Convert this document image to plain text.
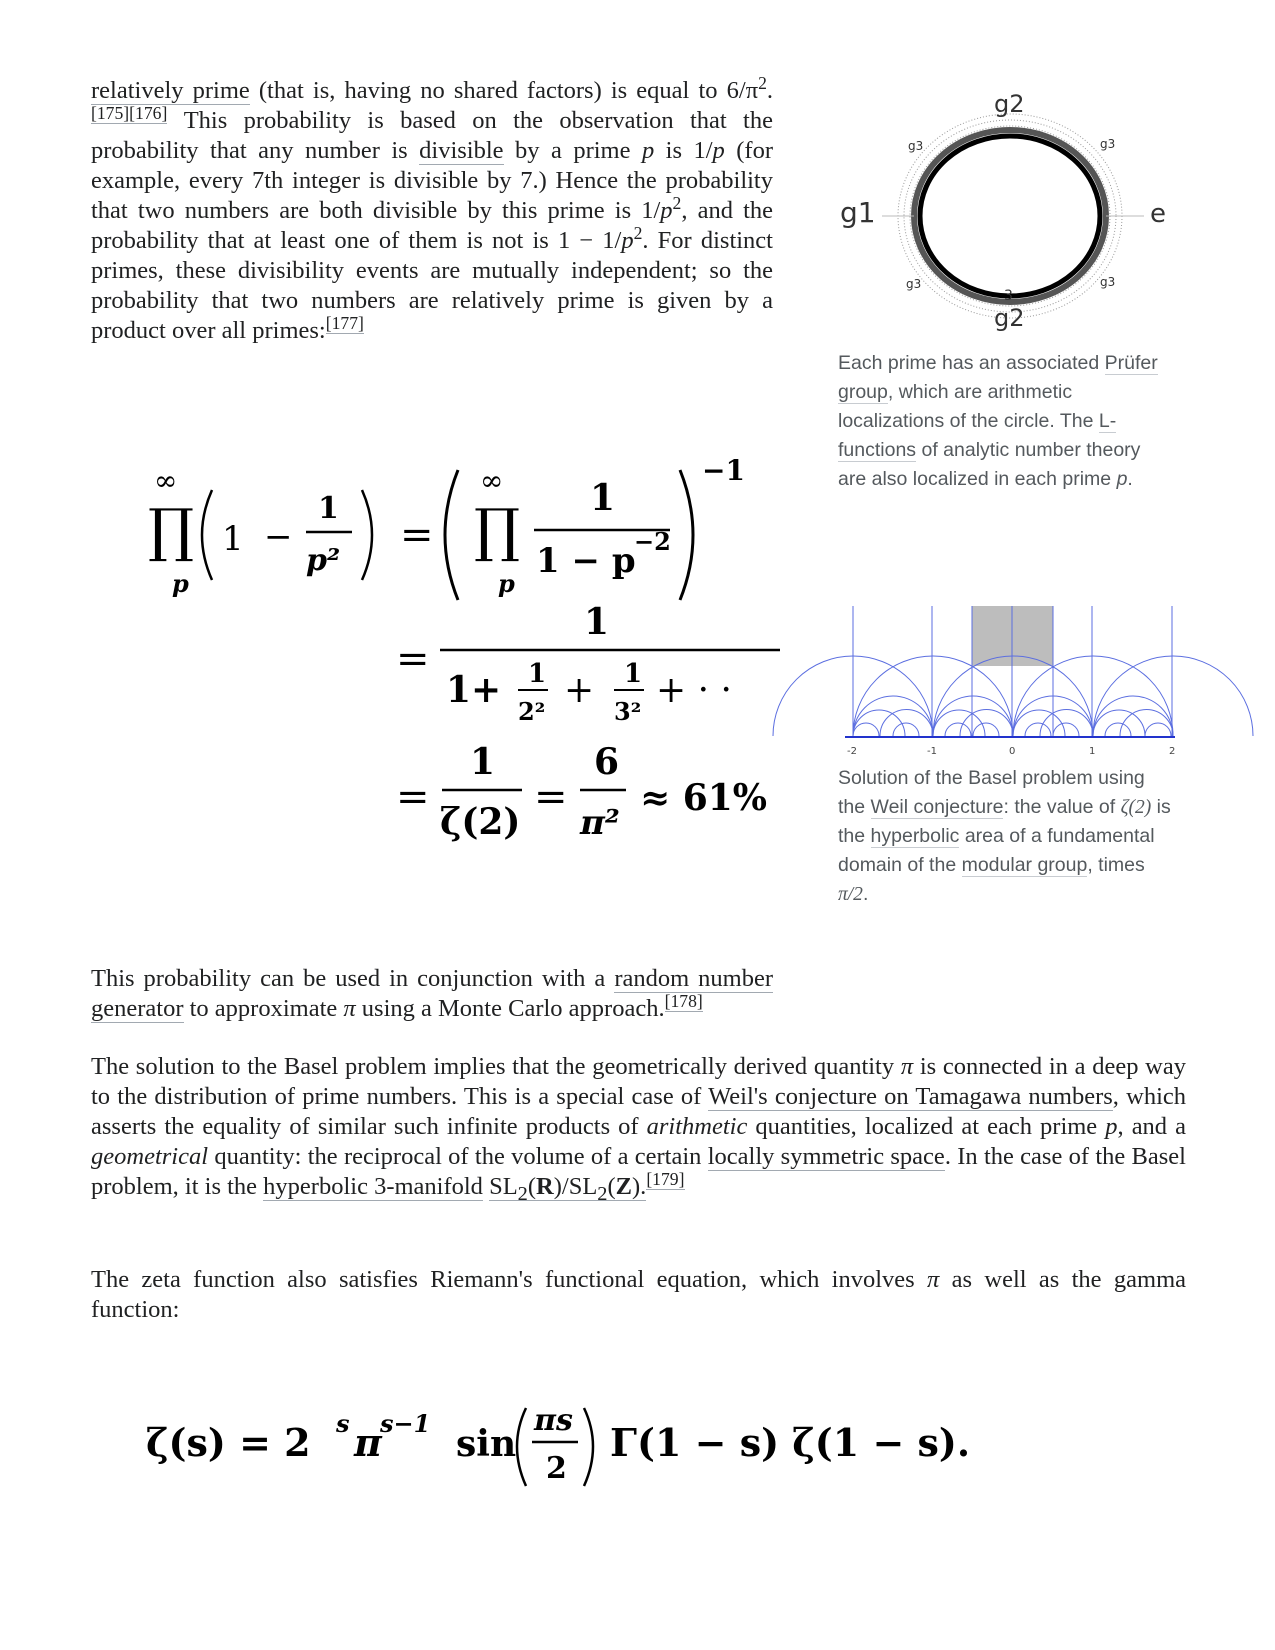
relatively prime (that is, having no shared factors) is equal to $6/\pi^2.[175][176]$ This probability is based on the observation that the probability that any number is divisible by a prime p is 1/p (for example, every 7th integer is divisible by 7.) Hence the probability that two numbers are both divisible by this prime is $1/p^2$, and the probability that at least one of them is not is $1 - 1/p^2$. For distinct primes, these divisibility events are mutually independent; so the probability that two numbers are relatively prime is given by a product over all primes:[177]
∞
∏
p
1 −
1
p²
=
∞
∏
p
1
1 − p
−2
−1
=
1
1+ 1
2²
+ 1
3²
+ · ·
=
1
ζ(2)
=
6
π²
≈ 61%
g2
g1	e
3
g2
g3	g3
g3	g3
Each prime has an associated Prüfer group, which are arithmetic localizations of the circle. The L-functions of analytic number theory are also localized in each prime p.
-2	-1	0	1	2
Solution of the Basel problem using the Weil conjecture: the value of ζ(2) is the hyperbolic area of a fundamental domain of the modular group, times π/2.
This probability can be used in conjunction with a random number generator to approximate π using a Monte Carlo approach.[178]
The solution to the Basel problem implies that the geometrically derived quantity π is connected in a deep way to the distribution of prime numbers. This is a special case of Weil's conjecture on Tamagawa numbers, which asserts the equality of similar such infinite products of arithmetic quantities, localized at each prime p, and a geometrical quantity: the reciprocal of the volume of a certain locally symmetric space. In the case of the Basel problem, it is the hyperbolic 3-manifold $SL_2(R)/SL_2(Z).[179]$
The zeta function also satisfies Riemann's functional equation, which involves π as well as the gamma function:
ζ(s) = 2 s π
s−1 sin
πs
2
Γ(1 − s) ζ(1 − s).
